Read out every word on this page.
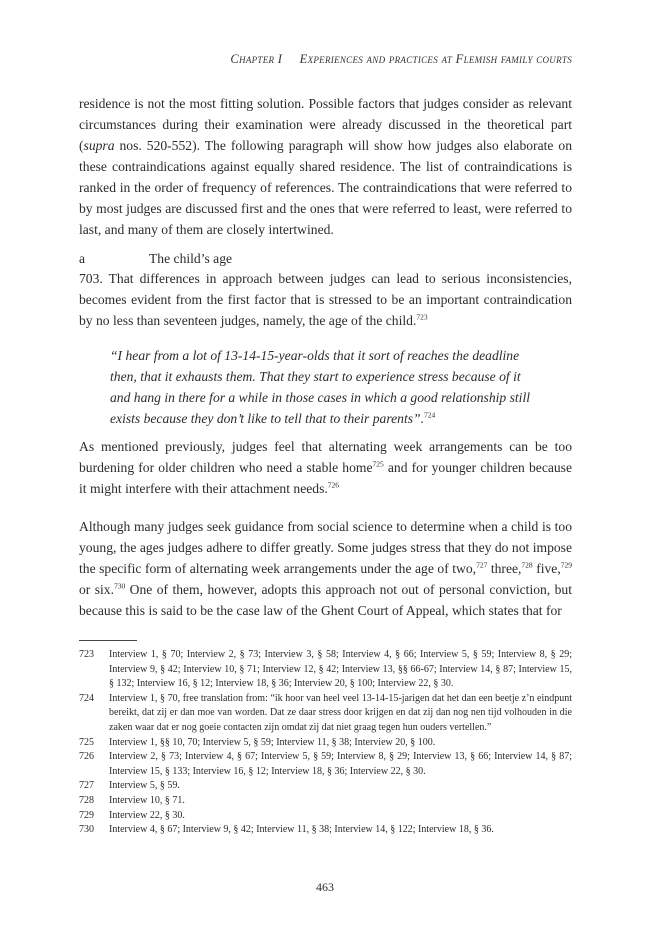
Chapter I Experiences and practices at Flemish family courts
residence is not the most fitting solution. Possible factors that judges consider as relevant circumstances during their examination were already discussed in the theoretical part (supra nos. 520-552). The following paragraph will show how judges also elaborate on these contraindications against equally shared residence. The list of contraindications is ranked in the order of frequency of references. The contraindications that were referred to by most judges are discussed first and the ones that were referred to least, were referred to last, and many of them are closely intertwined.
a	The child’s age
703. That differences in approach between judges can lead to serious inconsistencies, becomes evident from the first factor that is stressed to be an important contraindication by no less than seventeen judges, namely, the age of the child.$^{723}$
“I hear from a lot of 13-14-15-year-olds that it sort of reaches the deadline then, that it exhausts them. That they start to experience stress because of it and hang in there for a while in those cases in which a good relationship still exists because they don’t like to tell that to their parents”.$^{724}$
As mentioned previously, judges feel that alternating week arrangements can be too burdening for older children who need a stable home$^{725}$ and for younger children because it might interfere with their attachment needs.$^{726}$
Although many judges seek guidance from social science to determine when a child is too young, the ages judges adhere to differ greatly. Some judges stress that they do not impose the specific form of alternating week arrangements under the age of two,$^{727}$ three,$^{728}$ five,$^{729}$ or six.$^{730}$ One of them, however, adopts this approach not out of personal conviction, but because this is said to be the case law of the Ghent Court of Appeal, which states that for
723	Interview 1, § 70; Interview 2, § 73; Interview 3, § 58; Interview 4, § 66; Interview 5, § 59; Interview 8, § 29; Interview 9, § 42; Interview 10, § 71; Interview 12, § 42; Interview 13, §§ 66-67; Interview 14, § 87; Interview 15, § 132; Interview 16, § 12; Interview 18, § 36; Interview 20, § 100; Interview 22, § 30.
724	Interview 1, § 70, free translation from: “ik hoor van heel veel 13-14-15-jarigen dat het dan een beetje z’n eindpunt bereikt, dat zij er dan moe van worden. Dat ze daar stress door krijgen en dat zij dan nog nen tijd volhouden in die zaken waar dat er nog goeie contacten zijn omdat zij dat niet graag tegen hun ouders vertellen.”
725	Interview 1, §§ 10, 70; Interview 5, § 59; Interview 11, § 38; Interview 20, § 100.
726	Interview 2, § 73; Interview 4, § 67; Interview 5, § 59; Interview 8, § 29; Interview 13, § 66; Interview 14, § 87; Interview 15, § 133; Interview 16, § 12; Interview 18, § 36; Interview 22, § 30.
727	Interview 5, § 59.
728	Interview 10, § 71.
729	Interview 22, § 30.
730	Interview 4, § 67; Interview 9, § 42; Interview 11, § 38; Interview 14, § 122; Interview 18, § 36.
463
